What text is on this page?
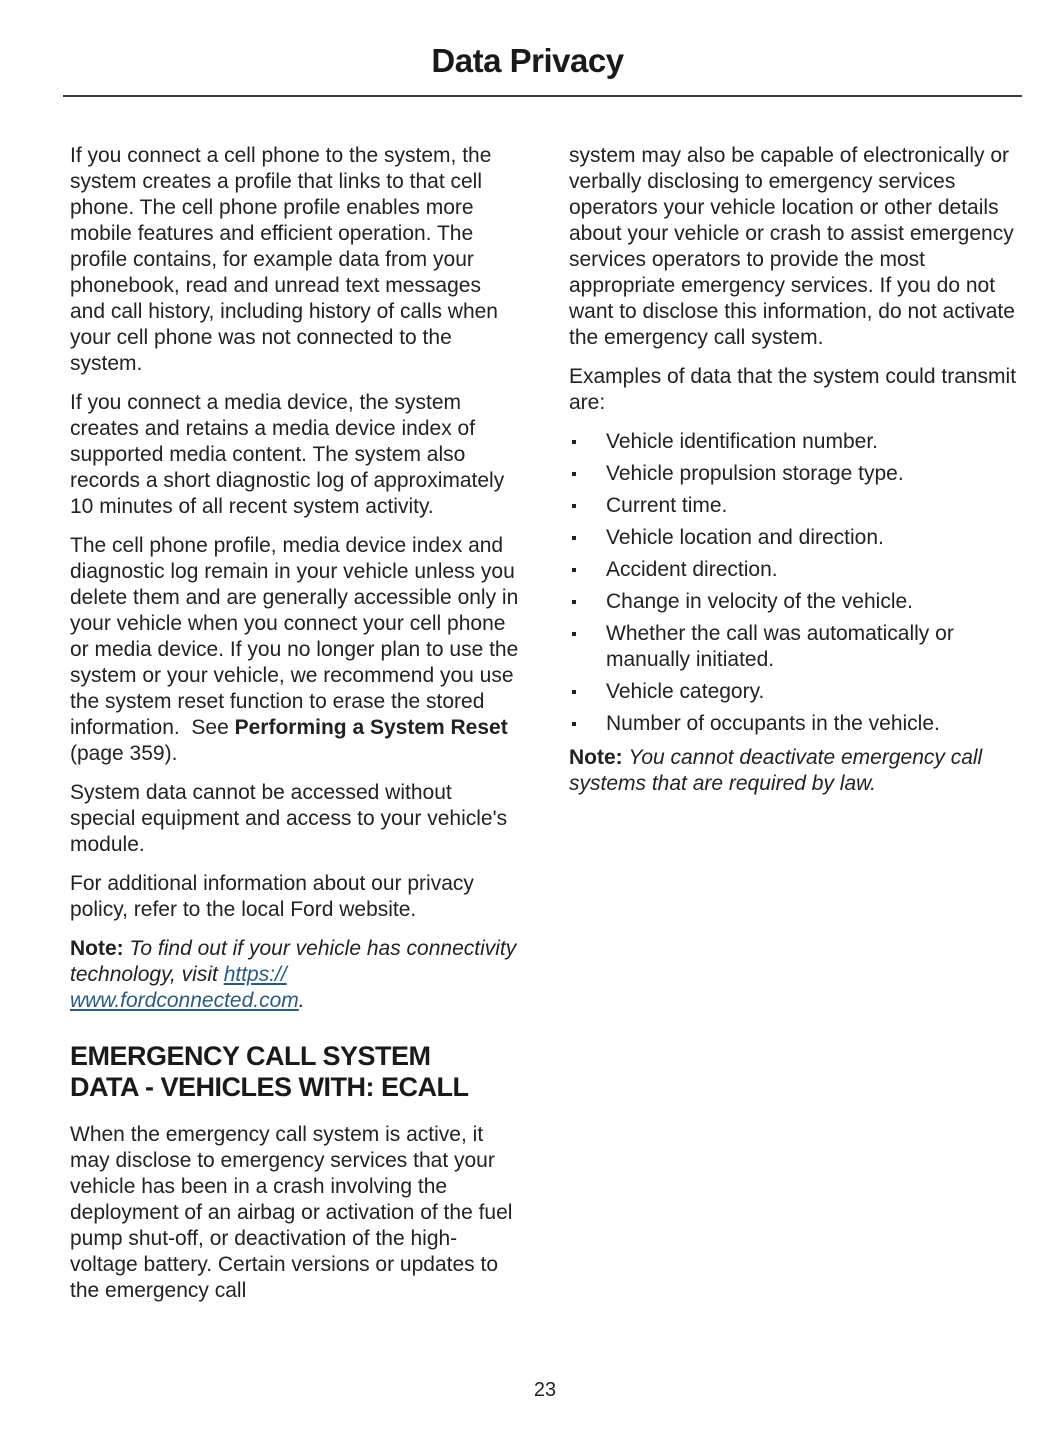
Data Privacy

If you connect a cell phone to the system, the system creates a profile that links to that cell phone. The cell phone profile enables more mobile features and efficient operation. The profile contains, for example data from your phonebook, read and unread text messages and call history, including history of calls when your cell phone was not connected to the system.

If you connect a media device, the system creates and retains a media device index of supported media content. The system also records a short diagnostic log of approximately 10 minutes of all recent system activity.

The cell phone profile, media device index and diagnostic log remain in your vehicle unless you delete them and are generally accessible only in your vehicle when you connect your cell phone or media device. If you no longer plan to use the system or your vehicle, we recommend you use the system reset function to erase the stored information.  See Performing a System Reset (page 359).

System data cannot be accessed without special equipment and access to your vehicle's module.

For additional information about our privacy policy, refer to the local Ford website.

Note: To find out if your vehicle has connectivity technology, visit https://www.fordconnected.com.

EMERGENCY CALL SYSTEM
DATA - VEHICLES WITH: ECALL

When the emergency call system is active, it may disclose to emergency services that your vehicle has been in a crash involving the deployment of an airbag or activation of the fuel pump shut-off, or deactivation of the high-voltage battery. Certain versions or updates to the emergency call

system may also be capable of electronically or verbally disclosing to emergency services operators your vehicle location or other details about your vehicle or crash to assist emergency services operators to provide the most appropriate emergency services. If you do not want to disclose this information, do not activate the emergency call system.

Examples of data that the system could transmit are:

Vehicle identification number.
Vehicle propulsion storage type.
Current time.
Vehicle location and direction.
Accident direction.
Change in velocity of the vehicle.
Whether the call was automatically or manually initiated.
Vehicle category.
Number of occupants in the vehicle.

Note: You cannot deactivate emergency call systems that are required by law.

23
